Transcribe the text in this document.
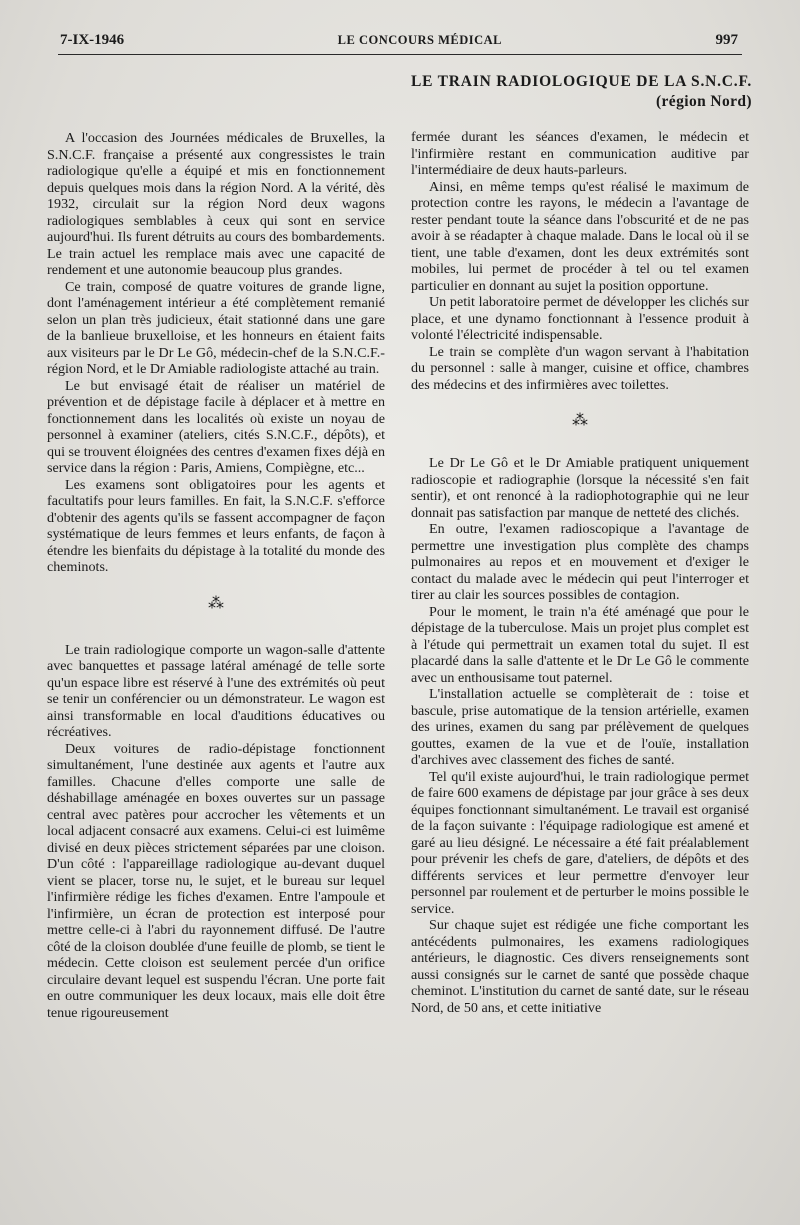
7-IX-1946	LE CONCOURS MÉDICAL	997
LE TRAIN RADIOLOGIQUE DE LA S.N.C.F.
(région Nord)

A l'occasion des Journées médicales de Bruxelles, la S.N.C.F. française a présenté aux congressistes le train radiologique qu'elle a équipé et mis en fonctionnement depuis quelques mois dans la région Nord. A la vérité, dès 1932, circulait sur la région Nord deux wagons radiologiques semblables à ceux qui sont en service aujourd'hui. Ils furent détruits au cours des bombardements. Le train actuel les remplace mais avec une capacité de rendement et une autonomie beaucoup plus grandes.

Ce train, composé de quatre voitures de grande ligne, dont l'aménagement intérieur a été complètement remanié selon un plan très judicieux, était stationné dans une gare de la banlieue bruxelloise, et les honneurs en étaient faits aux visiteurs par le Dr Le Gô, médecin-chef de la S.N.C.F.-région Nord, et le Dr Amiable radiologiste attaché au train.

Le but envisagé était de réaliser un matériel de prévention et de dépistage facile à déplacer et à mettre en fonctionnement dans les localités où existe un noyau de personnel à examiner (ateliers, cités S.N.C.F., dépôts), et qui se trouvent éloignées des centres d'examen fixes déjà en service dans la région : Paris, Amiens, Compiègne, etc...

Les examens sont obligatoires pour les agents et facultatifs pour leurs familles. En fait, la S.N.C.F. s'efforce d'obtenir des agents qu'ils se fassent accompagner de façon systématique de leurs femmes et leurs enfants, de façon à étendre les bienfaits du dépistage à la totalité du monde des cheminots.

⁂

Le train radiologique comporte un wagon-salle d'attente avec banquettes et passage latéral aménagé de telle sorte qu'un espace libre est réservé à l'une des extrémités où peut se tenir un conférencier ou un démonstrateur. Le wagon est ainsi transformable en local d'auditions éducatives ou récréatives.

Deux voitures de radio-dépistage fonctionnent simultanément, l'une destinée aux agents et l'autre aux familles. Chacune d'elles comporte une salle de déshabillage aménagée en boxes ouvertes sur un passage central avec patères pour accrocher les vêtements et un local adjacent consacré aux examens. Celui-ci est luimême divisé en deux pièces strictement séparées par une cloison. D'un côté : l'appareillage radiologique au-devant duquel vient se placer, torse nu, le sujet, et le bureau sur lequel l'infirmière rédige les fiches d'examen. Entre l'ampoule et l'infirmière, un écran de protection est interposé pour mettre celle-ci à l'abri du rayonnement diffusé. De l'autre côté de la cloison doublée d'une feuille de plomb, se tient le médecin. Cette cloison est seulement percée d'un orifice circulaire devant lequel est suspendu l'écran. Une porte fait en outre communiquer les deux locaux, mais elle doit être tenue rigoureusement

fermée durant les séances d'examen, le médecin et l'infirmière restant en communication auditive par l'intermédiaire de deux hauts-parleurs.

Ainsi, en même temps qu'est réalisé le maximum de protection contre les rayons, le médecin a l'avantage de rester pendant toute la séance dans l'obscurité et de ne pas avoir à se réadapter à chaque malade. Dans le local où il se tient, une table d'examen, dont les deux extrémités sont mobiles, lui permet de procéder à tel ou tel examen particulier en donnant au sujet la position opportune.

Un petit laboratoire permet de développer les clichés sur place, et une dynamo fonctionnant à l'essence produit à volonté l'électricité indispensable.

Le train se complète d'un wagon servant à l'habitation du personnel : salle à manger, cuisine et office, chambres des médecins et des infirmières avec toilettes.

⁂

Le Dr Le Gô et le Dr Amiable pratiquent uniquement radioscopie et radiographie (lorsque la nécessité s'en fait sentir), et ont renoncé à la radiophotographie qui ne leur donnait pas satisfaction par manque de netteté des clichés.

En outre, l'examen radioscopique a l'avantage de permettre une investigation plus complète des champs pulmonaires au repos et en mouvement et d'exiger le contact du malade avec le médecin qui peut l'interroger et tirer au clair les sources possibles de contagion.

Pour le moment, le train n'a été aménagé que pour le dépistage de la tuberculose. Mais un projet plus complet est à l'étude qui permettrait un examen total du sujet. Il est placardé dans la salle d'attente et le Dr Le Gô le commente avec un enthousisame tout paternel.

L'installation actuelle se complèterait de : toise et bascule, prise automatique de la tension artérielle, examen des urines, examen du sang par prélèvement de quelques gouttes, examen de la vue et de l'ouïe, installation d'archives avec classement des fiches de santé.

Tel qu'il existe aujourd'hui, le train radiologique permet de faire 600 examens de dépistage par jour grâce à ses deux équipes fonctionnant simultanément. Le travail est organisé de la façon suivante : l'équipage radiologique est amené et garé au lieu désigné. Le nécessaire a été fait préalablement pour prévenir les chefs de gare, d'ateliers, de dépôts et des différents services et leur permettre d'envoyer leur personnel par roulement et de perturber le moins possible le service.

Sur chaque sujet est rédigée une fiche comportant les antécédents pulmonaires, les examens radiologiques antérieurs, le diagnostic. Ces divers renseignements sont aussi consignés sur le carnet de santé que possède chaque cheminot. L'institution du carnet de santé date, sur le réseau Nord, de 50 ans, et cette initiative
